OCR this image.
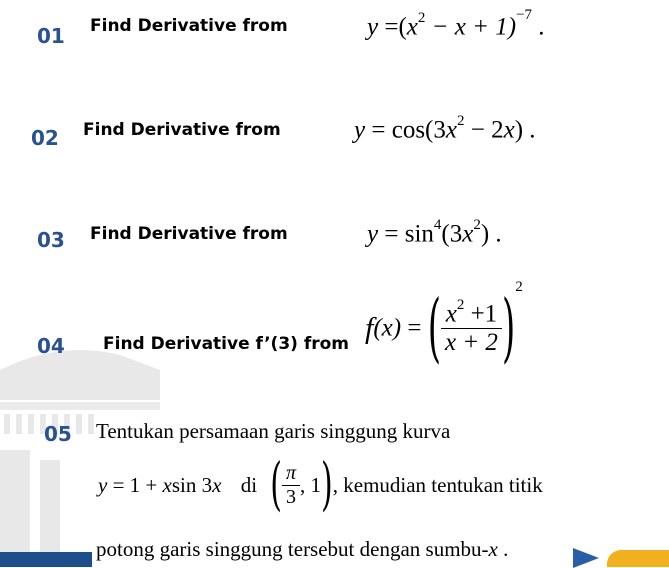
01 Find Derivative from	$y =(x^2 - x + 1)^{-7}$ .
02 Find Derivative from	$y = \cos(3x^2 - 2x)$ .
03 Find Derivative from	$y = \sin^4(3x^2)$ .
04 Find Derivative f’(3) from f(x) = ( $\frac{x^2 +1}{x + 2} )^2$
05 Tentukan persamaan garis singgung kurva
y = 1 + xsin 3x di ( $\frac{\pi}{3}$ , 1), kemudian tentukan titik
potong garis singgung tersebut dengan sumbu-x .
